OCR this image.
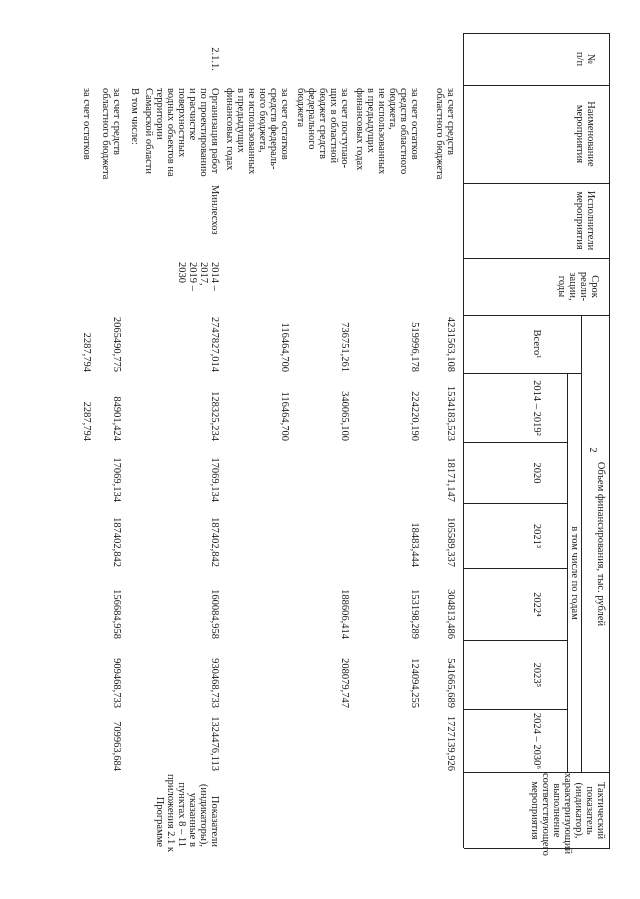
2
№
п/п
Наименование
мероприятия
Исполнители
мероприятия
Срок
реали-
зации,
годы
Объем финансирования, тыс. рублей
Всего¹
в том числе по годам
2014 – 2019²
2020
2021³
2022⁴
2023⁵
2024 – 2030⁶
Тактический
показатель
(индикатор),
характеризующий
выполнение
соответствующего
мероприятия
за счет средств
областного бюджета
4231563,108
1534183,523
18171,147
105589,337
304813,486
541665,689
1727139,926
за счет остатков
средств областного
бюджета,
не использованных
в предыдущих
финансовых годах
519996,178
224220,190
18483,444
153198,289
124094,255
за счет поступаю-
щих в областной
бюджет средств
федерального
бюджета
736751,261
340065,100
188606,414
208079,747
за счет остатков
средств федераль-
ного бюджета,
не использованных
в предыдущих
финансовых годах
116464,700
116464,700
2.1.1.
Организация работ
по проектированию
и расчистке
поверхностных
водных объектов на
территории
Самарской области
Минлесхоз
2014 –
2017,
2019 –
2030
2747827,014
128325,234
17069,134
187402,842
160084,958
930468,733
1324476,113
Показатели
(индикаторы),
указанные в
пунктах 8 – 11
приложения 2.1 к
Программе
В том числе:
за счет средств
областного бюджета
2065490,775
84901,424
17069,134
187402,842
156684,958
909468,733
709963,684
за счет остатков
2287,794
2287,794
